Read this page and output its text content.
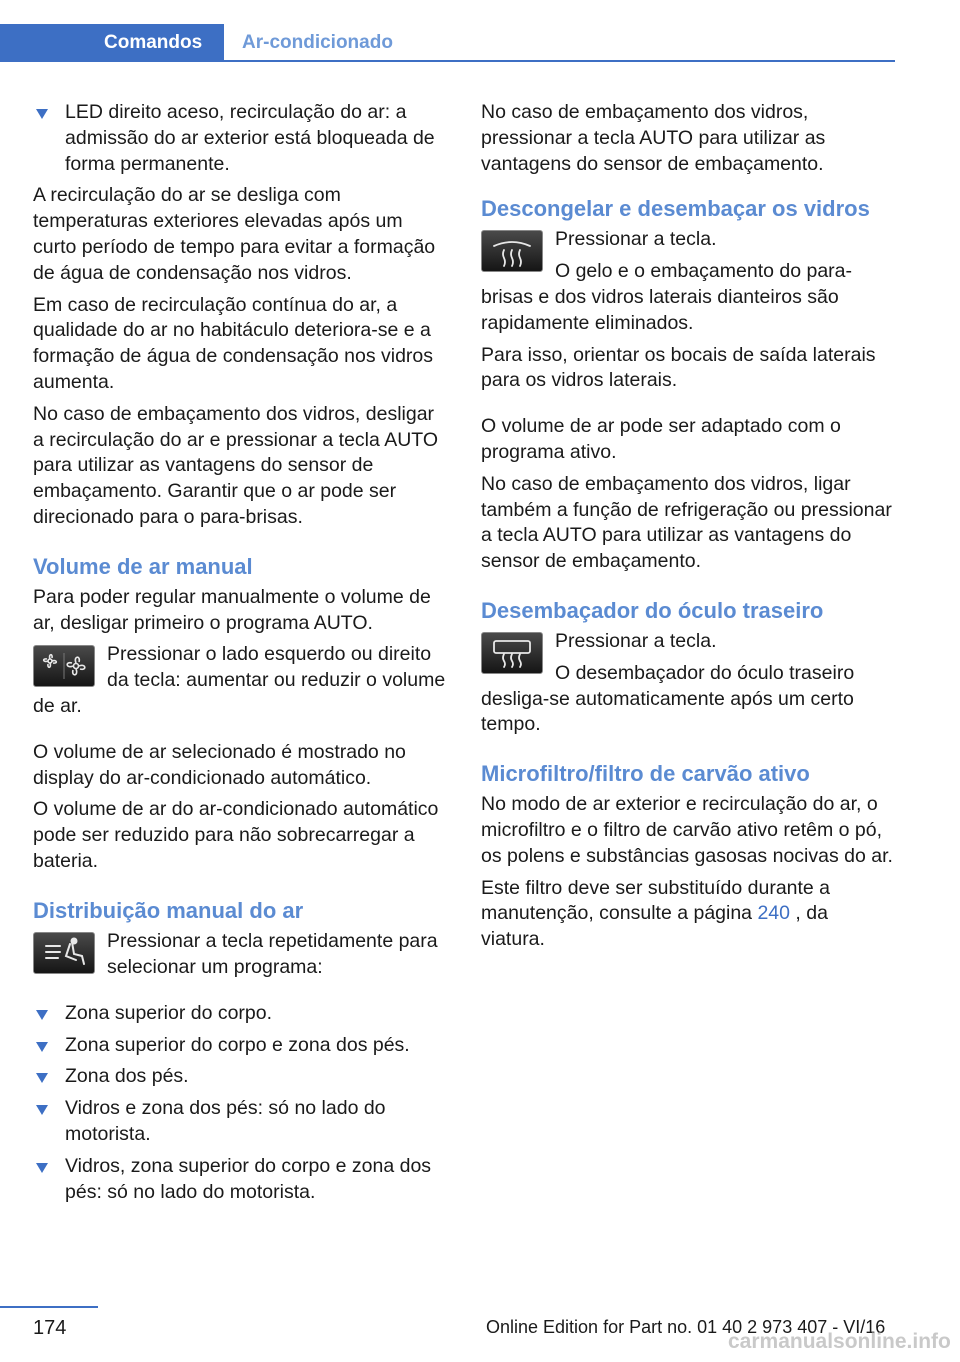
Comandos	Ar-condicionado
LED direito aceso, recirculação do ar: a admissão do ar exterior está bloqueada de forma permanente.
A recirculação do ar se desliga com temperaturas exteriores elevadas após um curto período de tempo para evitar a formação de água de condensação nos vidros.
Em caso de recirculação contínua do ar, a qualidade do ar no habitáculo deteriora-se e a formação de água de condensação nos vidros aumenta.
No caso de embaçamento dos vidros, desligar a recirculação do ar e pressionar a tecla AUTO para utilizar as vantagens do sensor de embaçamento. Garantir que o ar pode ser direcionado para o para-brisas.
Volume de ar manual
Para poder regular manualmente o volume de ar, desligar primeiro o programa AUTO.
Pressionar o lado esquerdo ou direito da tecla: aumentar ou reduzir o volume de ar.
O volume de ar selecionado é mostrado no display do ar-condicionado automático.
O volume de ar do ar-condicionado automático pode ser reduzido para não sobrecarregar a bateria.
Distribuição manual do ar
Pressionar a tecla repetidamente para selecionar um programa:
Zona superior do corpo.
Zona superior do corpo e zona dos pés.
Zona dos pés.
Vidros e zona dos pés: só no lado do motorista.
Vidros, zona superior do corpo e zona dos pés: só no lado do motorista.
No caso de embaçamento dos vidros, pressionar a tecla AUTO para utilizar as vantagens do sensor de embaçamento.
Descongelar e desembaçar os vidros
Pressionar a tecla.
O gelo e o embaçamento do para-brisas e dos vidros laterais dianteiros são rapidamente eliminados.
Para isso, orientar os bocais de saída laterais para os vidros laterais.
O volume de ar pode ser adaptado com o programa ativo.
No caso de embaçamento dos vidros, ligar também a função de refrigeração ou pressionar a tecla AUTO para utilizar as vantagens do sensor de embaçamento.
Desembaçador do óculo traseiro
Pressionar a tecla.
O desembaçador do óculo traseiro desliga-se automaticamente após um certo tempo.
Microfiltro/filtro de carvão ativo
No modo de ar exterior e recirculação do ar, o microfiltro e o filtro de carvão ativo retêm o pó, os polens e substâncias gasosas nocivas do ar.
Este filtro deve ser substituído durante a manutenção, consulte a página 240 , da viatura.
174	Online Edition for Part no. 01 40 2 973 407 - VI/16
carmanualsonline.info
